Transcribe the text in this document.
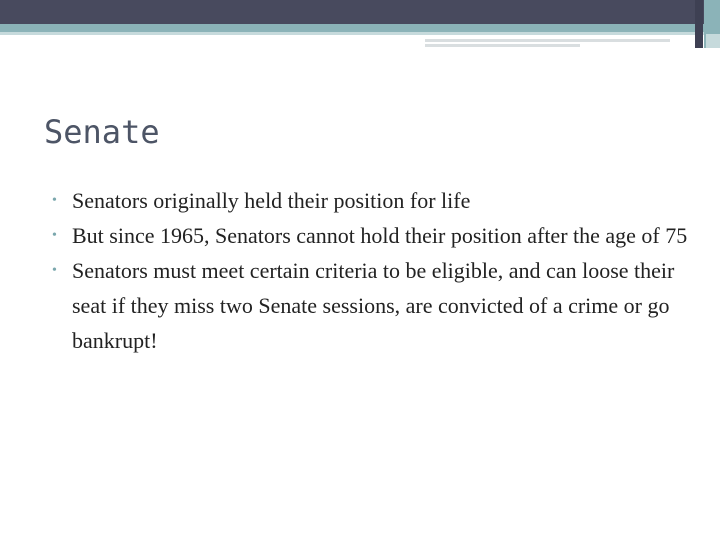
Senate
• Senators originally held their position for life
• But since 1965, Senators cannot hold their position after the age of 75
• Senators must meet certain criteria to be eligible, and can loose their seat if they miss two Senate sessions, are convicted of a crime or go bankrupt!
